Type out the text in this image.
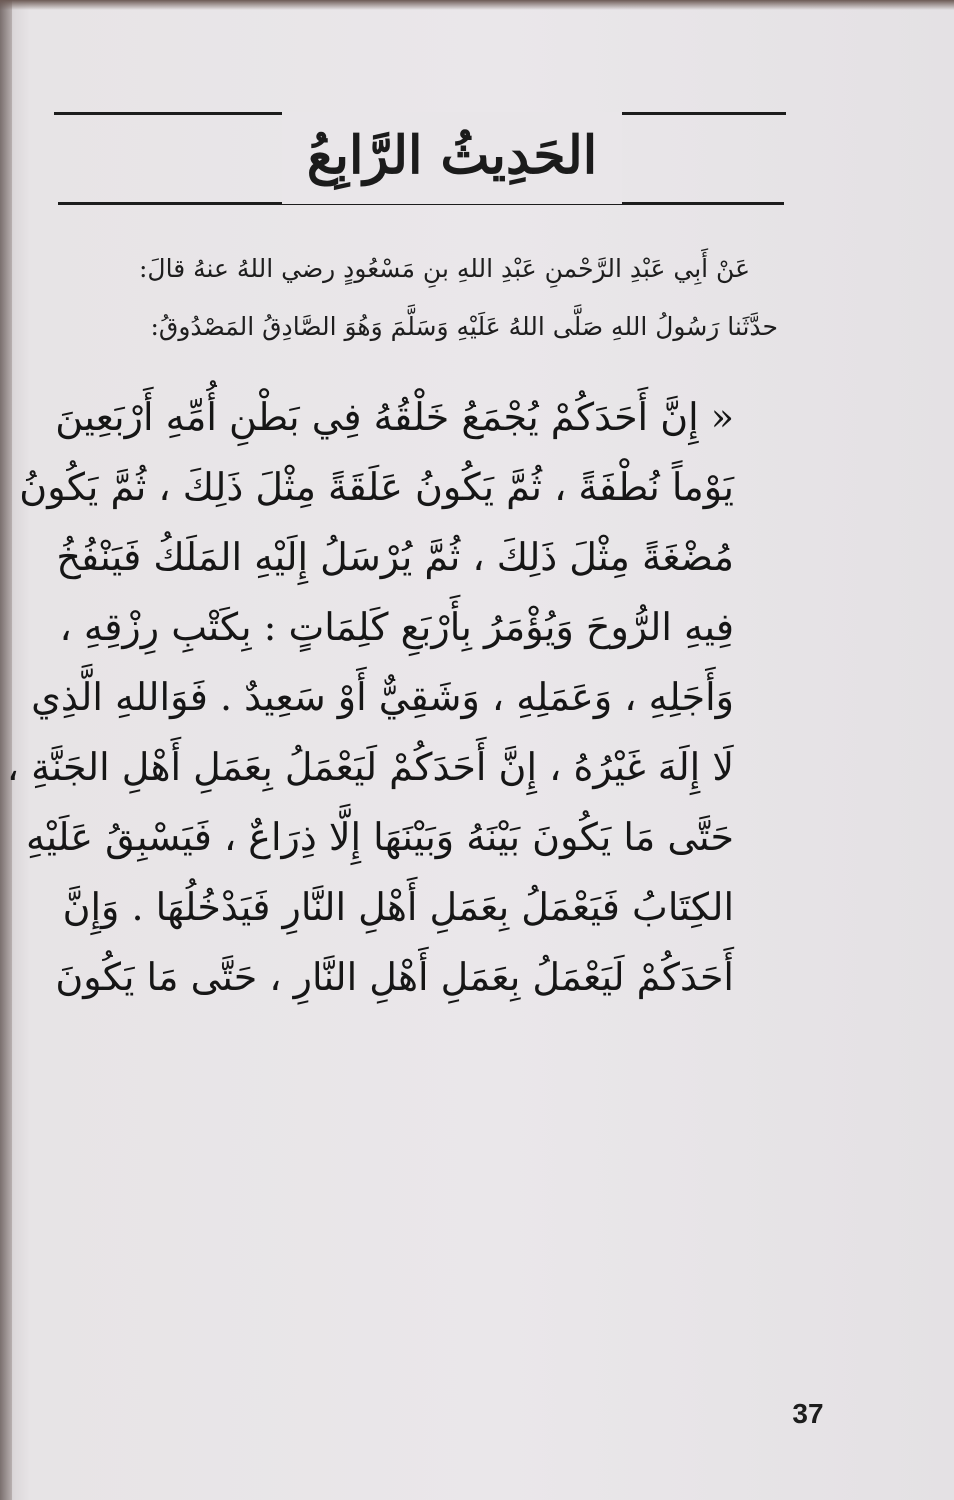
الحَدِيثُ الرَّابِعُ
عَنْ أَبِي عَبْدِ الرَّحْمنِ عَبْدِ اللهِ بنِ مَسْعُودٍ رضي اللهُ عنهُ قالَ:
حدَّثَنا رَسُولُ اللهِ صَلَّى اللهُ عَلَيْهِ وَسَلَّمَ وَهُوَ الصَّادِقُ المَصْدُوقُ:
« إِنَّ أَحَدَكُمْ يُجْمَعُ خَلْقُهُ فِي بَطْنِ أُمِّهِ أَرْبَعِينَ
يَوْماً نُطْفَةً ، ثُمَّ يَكُونُ عَلَقَةً مِثْلَ ذَلِكَ ، ثُمَّ يَكُونُ
مُضْغَةً مِثْلَ ذَلِكَ ، ثُمَّ يُرْسَلُ إِلَيْهِ المَلَكُ فَيَنْفُخُ
فِيهِ الرُّوحَ وَيُؤْمَرُ بِأَرْبَعِ كَلِمَاتٍ : بِكَتْبِ رِزْقِهِ ،
وَأَجَلِهِ ، وَعَمَلِهِ ، وَشَقِيٌّ أَوْ سَعِيدٌ . فَوَاللهِ الَّذِي
لَا إِلَهَ غَيْرُهُ ، إِنَّ أَحَدَكُمْ لَيَعْمَلُ بِعَمَلِ أَهْلِ الجَنَّةِ ،
حَتَّى مَا يَكُونَ بَيْنَهُ وَبَيْنَهَا إِلَّا ذِرَاعٌ ، فَيَسْبِقُ عَلَيْهِ
الكِتَابُ فَيَعْمَلُ بِعَمَلِ أَهْلِ النَّارِ فَيَدْخُلُهَا . وَإِنَّ
أَحَدَكُمْ لَيَعْمَلُ بِعَمَلِ أَهْلِ النَّارِ ، حَتَّى مَا يَكُونَ
37
